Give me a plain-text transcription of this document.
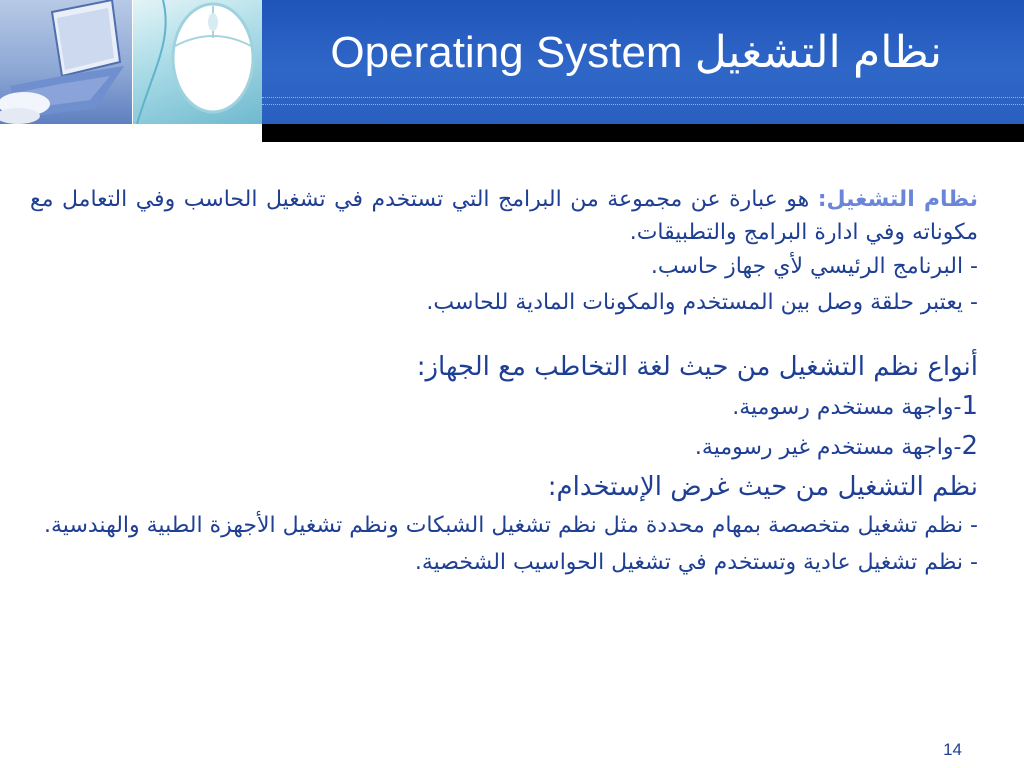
Operating System نظام التشغيل

نظام التشغيل: هو عبارة عن مجموعة من البرامج التي تستخدم في تشغيل الحاسب وفي التعامل مع مكوناته وفي ادارة البرامج والتطبيقات.

- البرنامج الرئيسي لأي جهاز حاسب.

- يعتبر حلقة وصل بين المستخدم والمكونات المادية للحاسب.

أنواع نظم التشغيل من حيث لغة التخاطب مع الجهاز:

1-واجهة مستخدم رسومية.

2-واجهة مستخدم غير رسومية.

نظم التشغيل من حيث غرض الإستخدام:

- نظم تشغيل متخصصة بمهام محددة مثل نظم تشغيل الشبكات ونظم تشغيل الأجهزة الطبية والهندسية.

- نظم تشغيل عادية وتستخدم في تشغيل الحواسيب الشخصية.

14
